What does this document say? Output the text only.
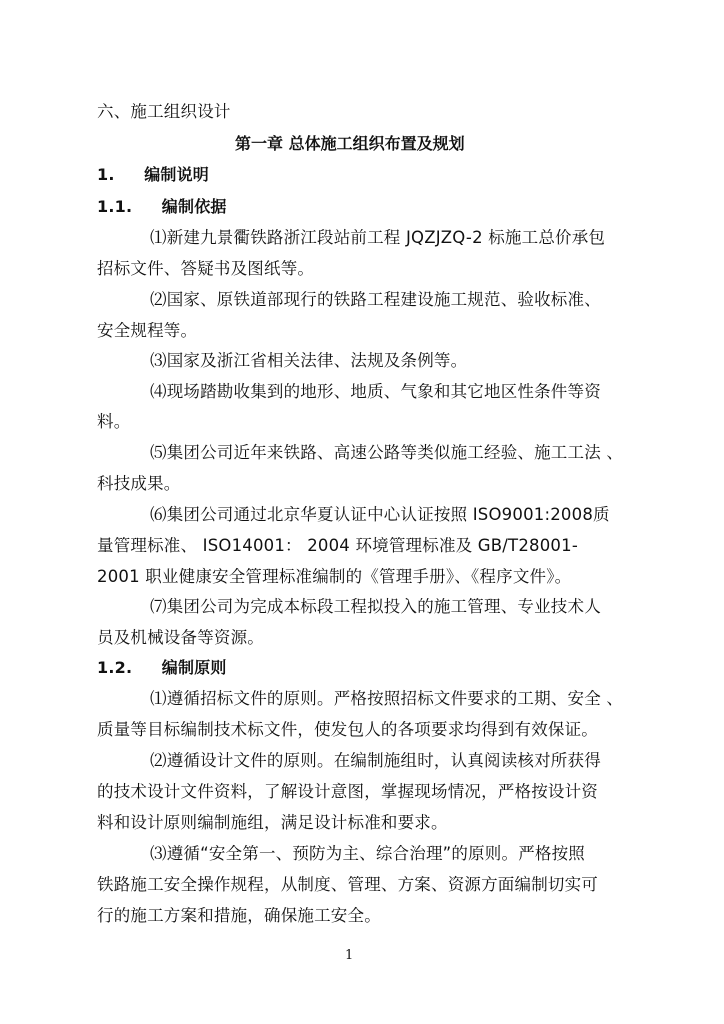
六、施工组织设计
第一章 总体施工组织布置及规划
1. 编制说明
1.1. 编制依据
⑴新建九景衢铁路浙江段站前工程 JQZJZQ-2 标施工总价承包
招标文件、答疑书及图纸等。
⑵国家、原铁道部现行的铁路工程建设施工规范、验收标准、
安全规程等。
⑶国家及浙江省相关法律、法规及条例等。
⑷现场踏勘收集到的地形、地质、气象和其它地区性条件等资
料。
⑸集团公司近年来铁路、高速公路等类似施工经验、施工工法 、
科技成果。
⑹集团公司通过北京华夏认证中心认证按照 ISO9001:2008质
量管理标准、 ISO14001： 2004 环境管理标准及 GB/T28001-
2001 职业健康安全管理标准编制的《管理手册》、《程序文件》。
⑺集团公司为完成本标段工程拟投入的施工管理、专业技术人
员及机械设备等资源。
1.2. 编制原则
⑴遵循招标文件的原则。严格按照招标文件要求的工期、安全 、
质量等目标编制技术标文件，使发包人的各项要求均得到有效保证。
⑵遵循设计文件的原则。在编制施组时，认真阅读核对所获得
的技术设计文件资料，了解设计意图，掌握现场情况，严格按设计资
料和设计原则编制施组，满足设计标准和要求。
⑶遵循“安全第一、预防为主、综合治理”的原则。严格按照
铁路施工安全操作规程，从制度、管理、方案、资源方面编制切实可
行的施工方案和措施，确保施工安全。
1
